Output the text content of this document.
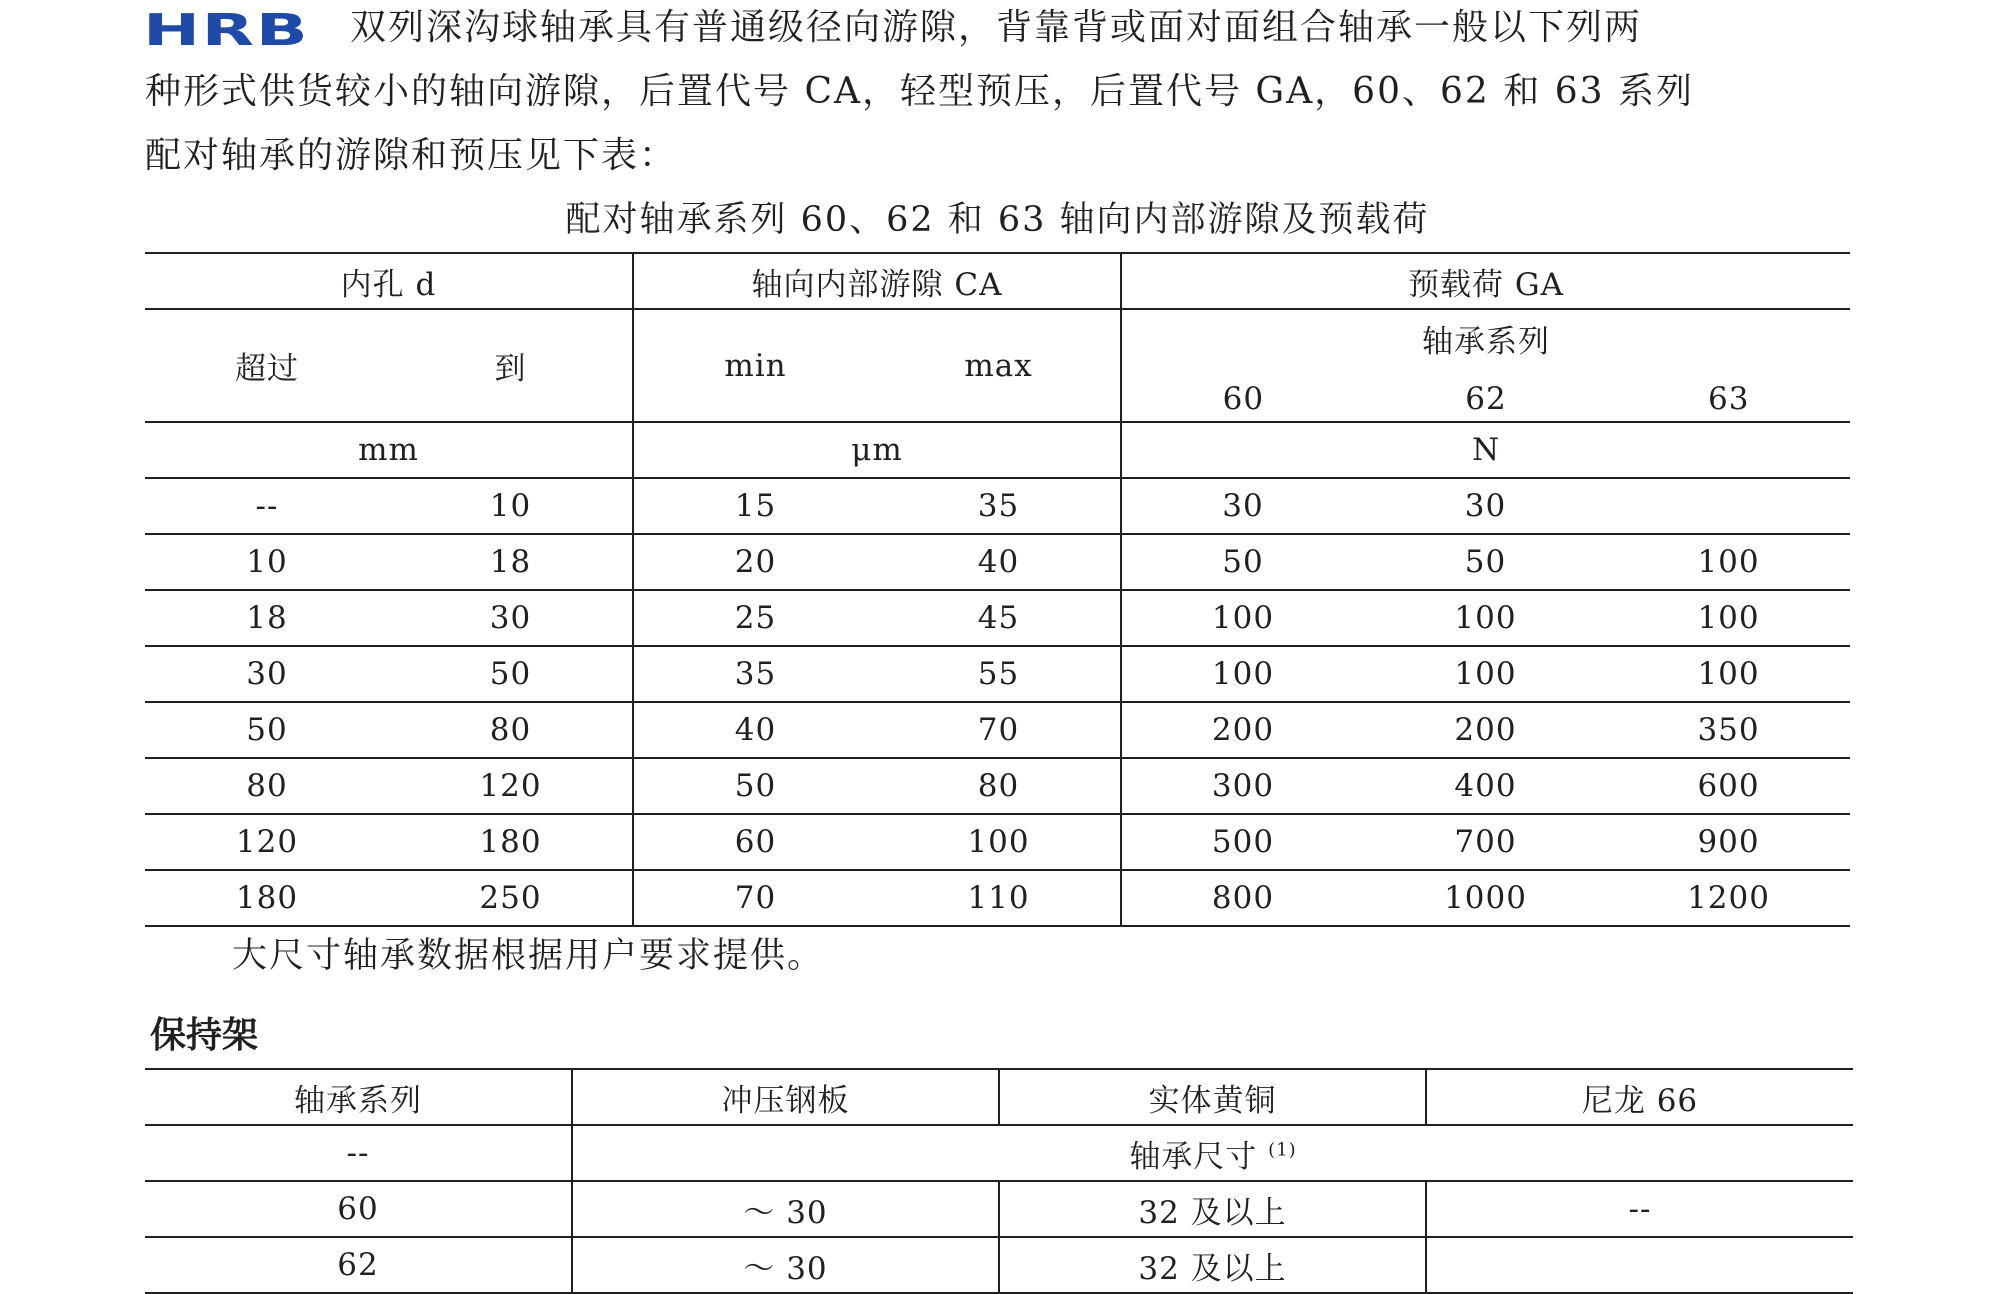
HRB	双列深沟球轴承具有普通级径向游隙，背靠背或面对面组合轴承一般以下列两
种形式供货较小的轴向游隙，后置代号 CA，轻型预压，后置代号 GA，60、62 和 63 系列
配对轴承的游隙和预压见下表：
配对轴承系列 60、62 和 63 轴向内部游隙及预载荷
内孔 d		轴向内部游隙 CA		预载荷 GA		
超过	到	min	max	轴承系列
60 62 63		

mm		μm		N		
--	10	15	35	30	30	
10	18	20	40	50	50	100
18	30	25	45	100	100	100
30	50	35	55	100	100	100
50	80	40	70	200	200	350
80	120	50	80	300	400	600
120	180	60	100	500	700	900
180	250	70	110	800	1000	1200
大尺寸轴承数据根据用户要求提供。
保持架
轴承系列	冲压钢板	实体黄铜	尼龙 66
--	轴承尺寸 $^{(1)}$
60	～ 30	32 及以上	--
62	～ 30	32 及以上	
